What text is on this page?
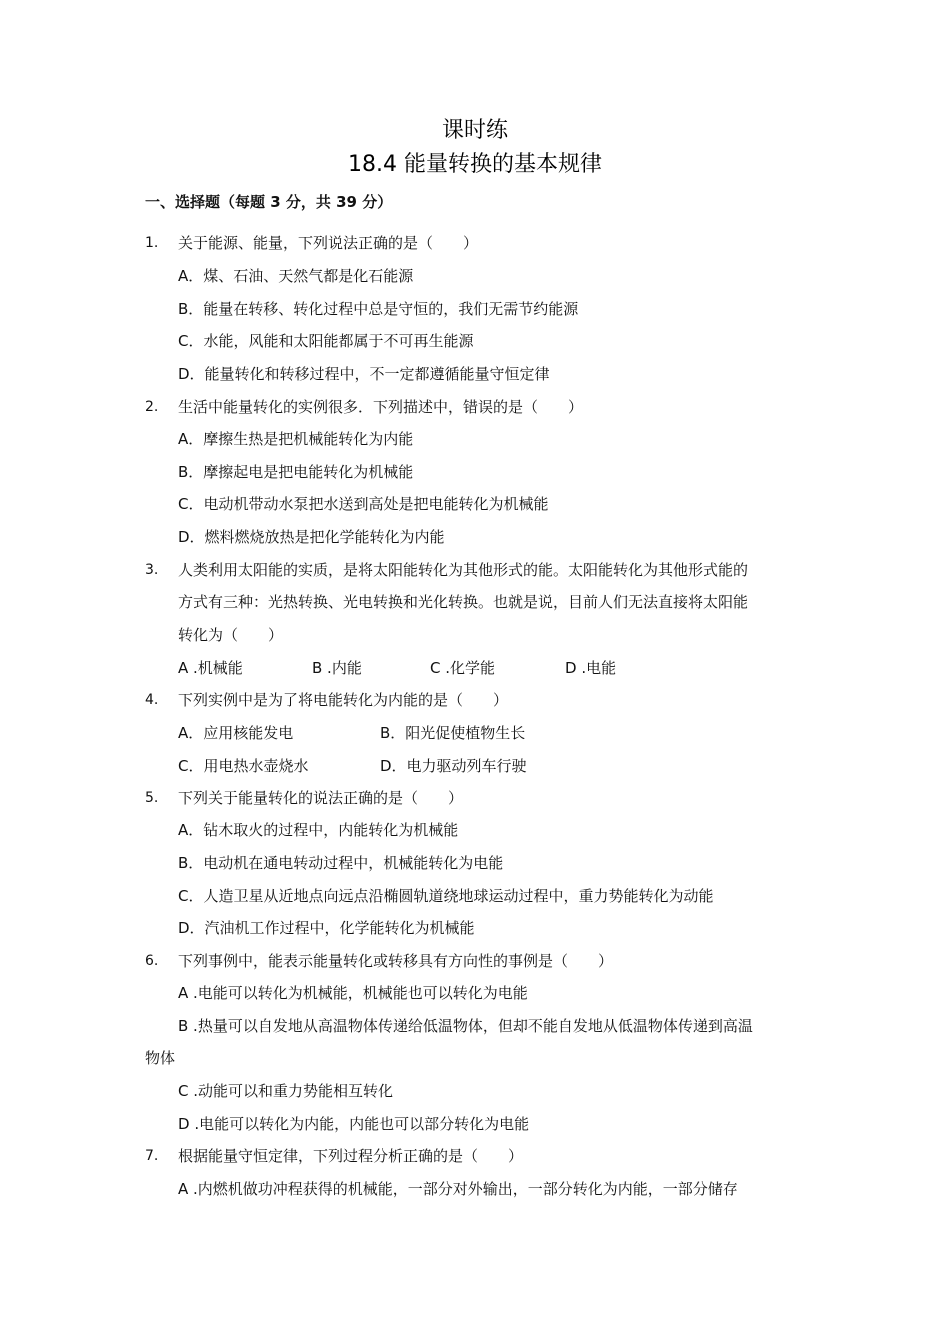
课时练
18.4 能量转换的基本规律
一、选择题（每题 3 分，共 39 分）
1. 关于能源、能量，下列说法正确的是（　　）
A．煤、石油、天然气都是化石能源
B．能量在转移、转化过程中总是守恒的，我们无需节约能源
C．水能，风能和太阳能都属于不可再生能源
D．能量转化和转移过程中，不一定都遵循能量守恒定律
2. 生活中能量转化的实例很多．下列描述中，错误的是（　　）
A．摩擦生热是把机械能转化为内能
B．摩擦起电是把电能转化为机械能
C．电动机带动水泵把水送到高处是把电能转化为机械能
D．燃料燃烧放热是把化学能转化为内能
3. 人类利用太阳能的实质，是将太阳能转化为其他形式的能。太阳能转化为其他形式能的
方式有三种：光热转换、光电转换和光化转换。也就是说，目前人们无法直接将太阳能
转化为（　　）
A .机械能	B .内能	C .化学能	D .电能
4. 下列实例中是为了将电能转化为内能的是（　　）
A．应用核能发电	B．阳光促使植物生长
C．用电热水壶烧水	D．电力驱动列车行驶
5. 下列关于能量转化的说法正确的是（　　）
A．钻木取火的过程中，内能转化为机械能
B．电动机在通电转动过程中，机械能转化为电能
C．人造卫星从近地点向远点沿椭圆轨道绕地球运动过程中，重力势能转化为动能
D．汽油机工作过程中，化学能转化为机械能
6. 下列事例中，能表示能量转化或转移具有方向性的事例是（　　）
A .电能可以转化为机械能，机械能也可以转化为电能
B .热量可以自发地从高温物体传递给低温物体，但却不能自发地从低温物体传递到高温
物体
C .动能可以和重力势能相互转化
D .电能可以转化为内能，内能也可以部分转化为电能
7. 根据能量守恒定律，下列过程分析正确的是（　　）
A .内燃机做功冲程获得的机械能，一部分对外输出，一部分转化为内能，一部分储存
